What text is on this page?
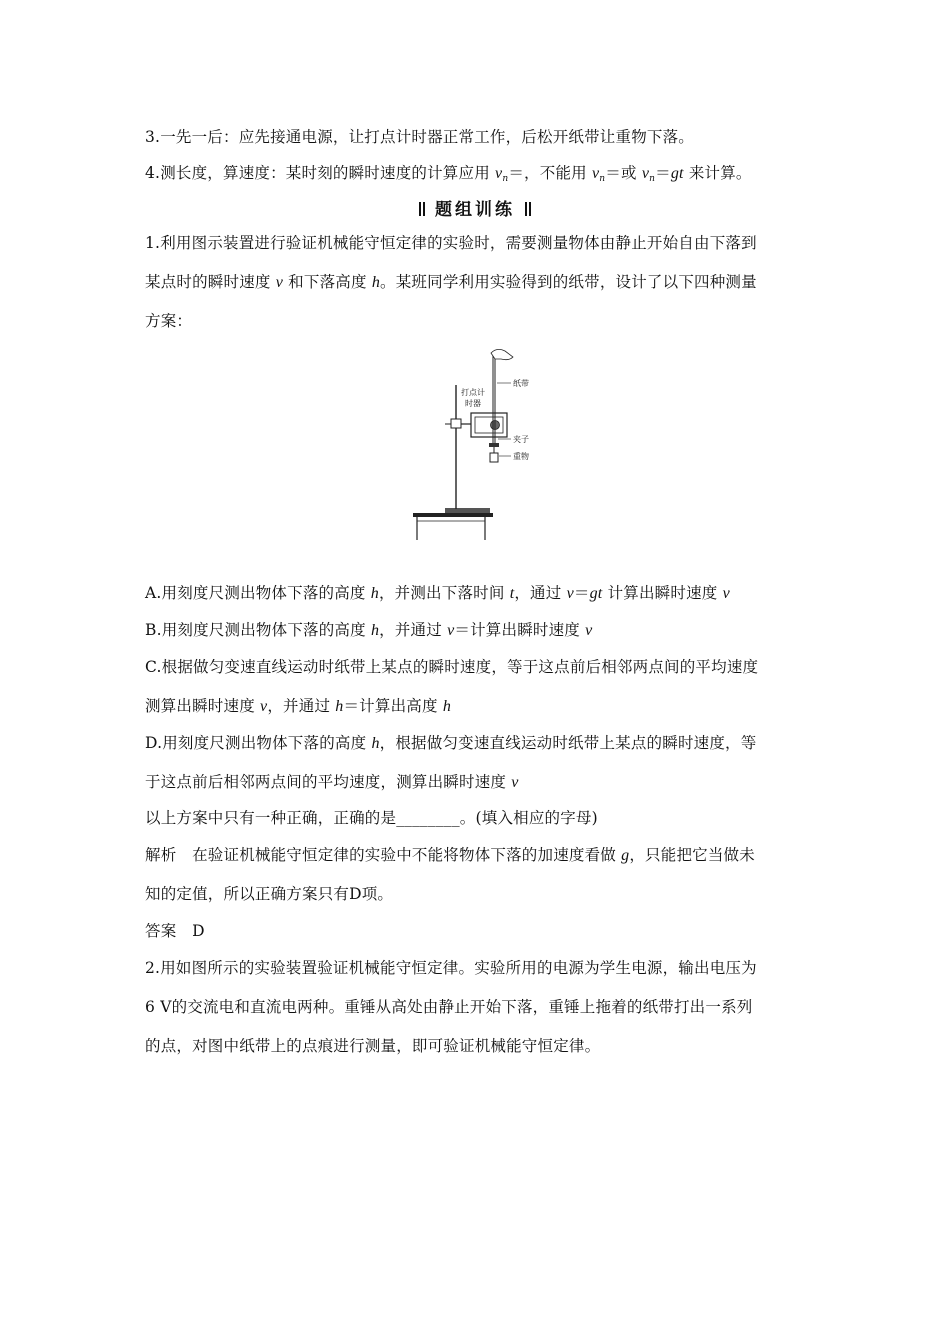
3.一先一后：应先接通电源，让打点计时器正常工作，后松开纸带让重物下落。
4.测长度，算速度：某时刻的瞬时速度的计算应用 $v_n=$，不能用 $v_n=$或 $v_n=gt$ 来计算。
题组训练
1.利用图示装置进行验证机械能守恒定律的实验时，需要测量物体由静止开始自由下落到
某点时的瞬时速度 v 和下落高度 h。某班同学利用实验得到的纸带，设计了以下四种测量
方案：
纸带
打点计
时器
夹子
重物
A.用刻度尺测出物体下落的高度 h，并测出下落时间 t，通过 v＝gt 计算出瞬时速度 v
B.用刻度尺测出物体下落的高度 h，并通过 v＝计算出瞬时速度 v
C.根据做匀变速直线运动时纸带上某点的瞬时速度，等于这点前后相邻两点间的平均速度
测算出瞬时速度 v，并通过 h＝计算出高度 h
D.用刻度尺测出物体下落的高度 h，根据做匀变速直线运动时纸带上某点的瞬时速度，等
于这点前后相邻两点间的平均速度，测算出瞬时速度 v
以上方案中只有一种正确，正确的是________。(填入相应的字母)
解析　在验证机械能守恒定律的实验中不能将物体下落的加速度看做 g，只能把它当做未
知的定值，所以正确方案只有D项。
答案　D
2.用如图所示的实验装置验证机械能守恒定律。实验所用的电源为学生电源，输出电压为
6 V的交流电和直流电两种。重锤从高处由静止开始下落，重锤上拖着的纸带打出一系列
的点，对图中纸带上的点痕进行测量，即可验证机械能守恒定律。
